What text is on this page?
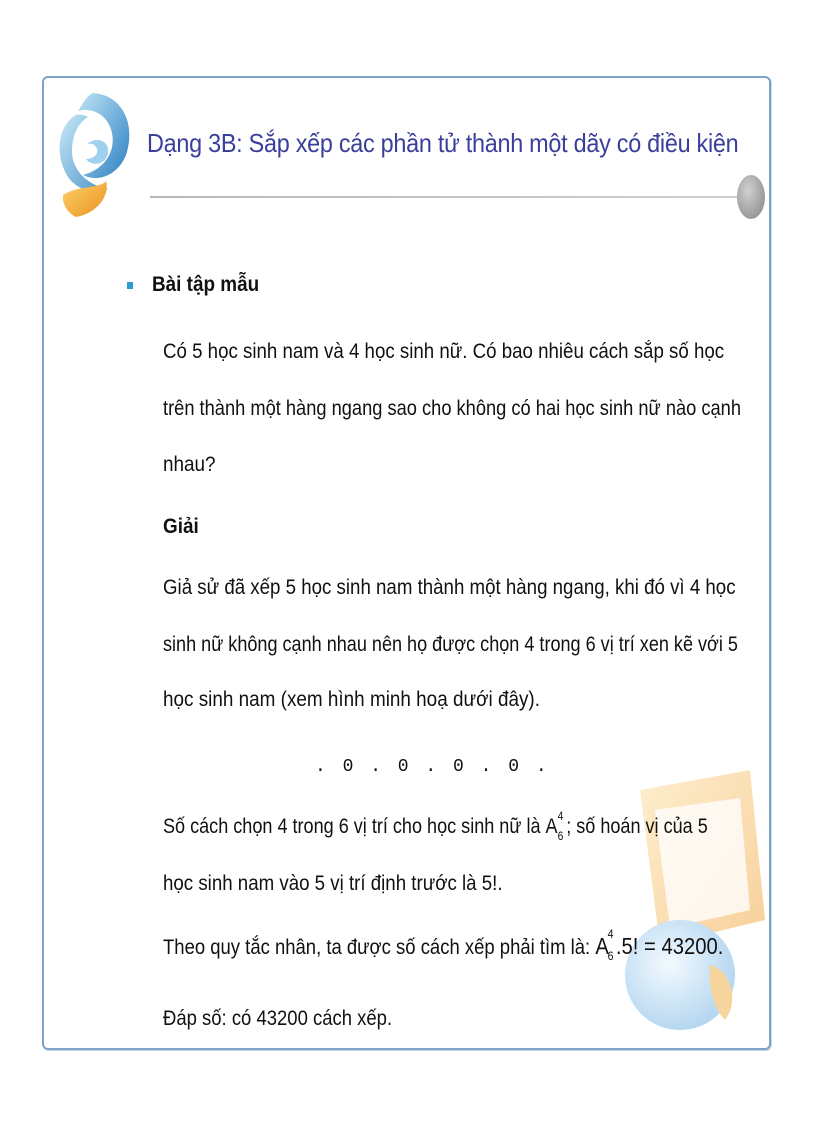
Dạng 3B: Sắp xếp các phần tử thành một dãy có điều kiện
Bài tập mẫu
Có 5 học sinh nam và 4 học sinh nữ. Có bao nhiêu cách sắp số học
trên thành một hàng ngang sao cho không có hai học sinh nữ nào cạnh
nhau?
Giải
Giả sử đã xếp 5 học sinh nam thành một hàng ngang, khi đó vì 4 học
sinh nữ không cạnh nhau nên họ được chọn 4 trong 6 vị trí xen kẽ với 5
học sinh nam (xem hình minh hoạ dưới đây).
. 0 . 0 . 0 . 0 .
Số cách chọn 4 trong 6 vị trí cho học sinh nữ là A 4
6 ; số hoán vị của 5
học sinh nam vào 5 vị trí định trước là 5!.
Theo quy tắc nhân, ta được số cách xếp phải tìm là: A
4
6 .5! = 43200.
Đáp số: có 43200 cách xếp.
